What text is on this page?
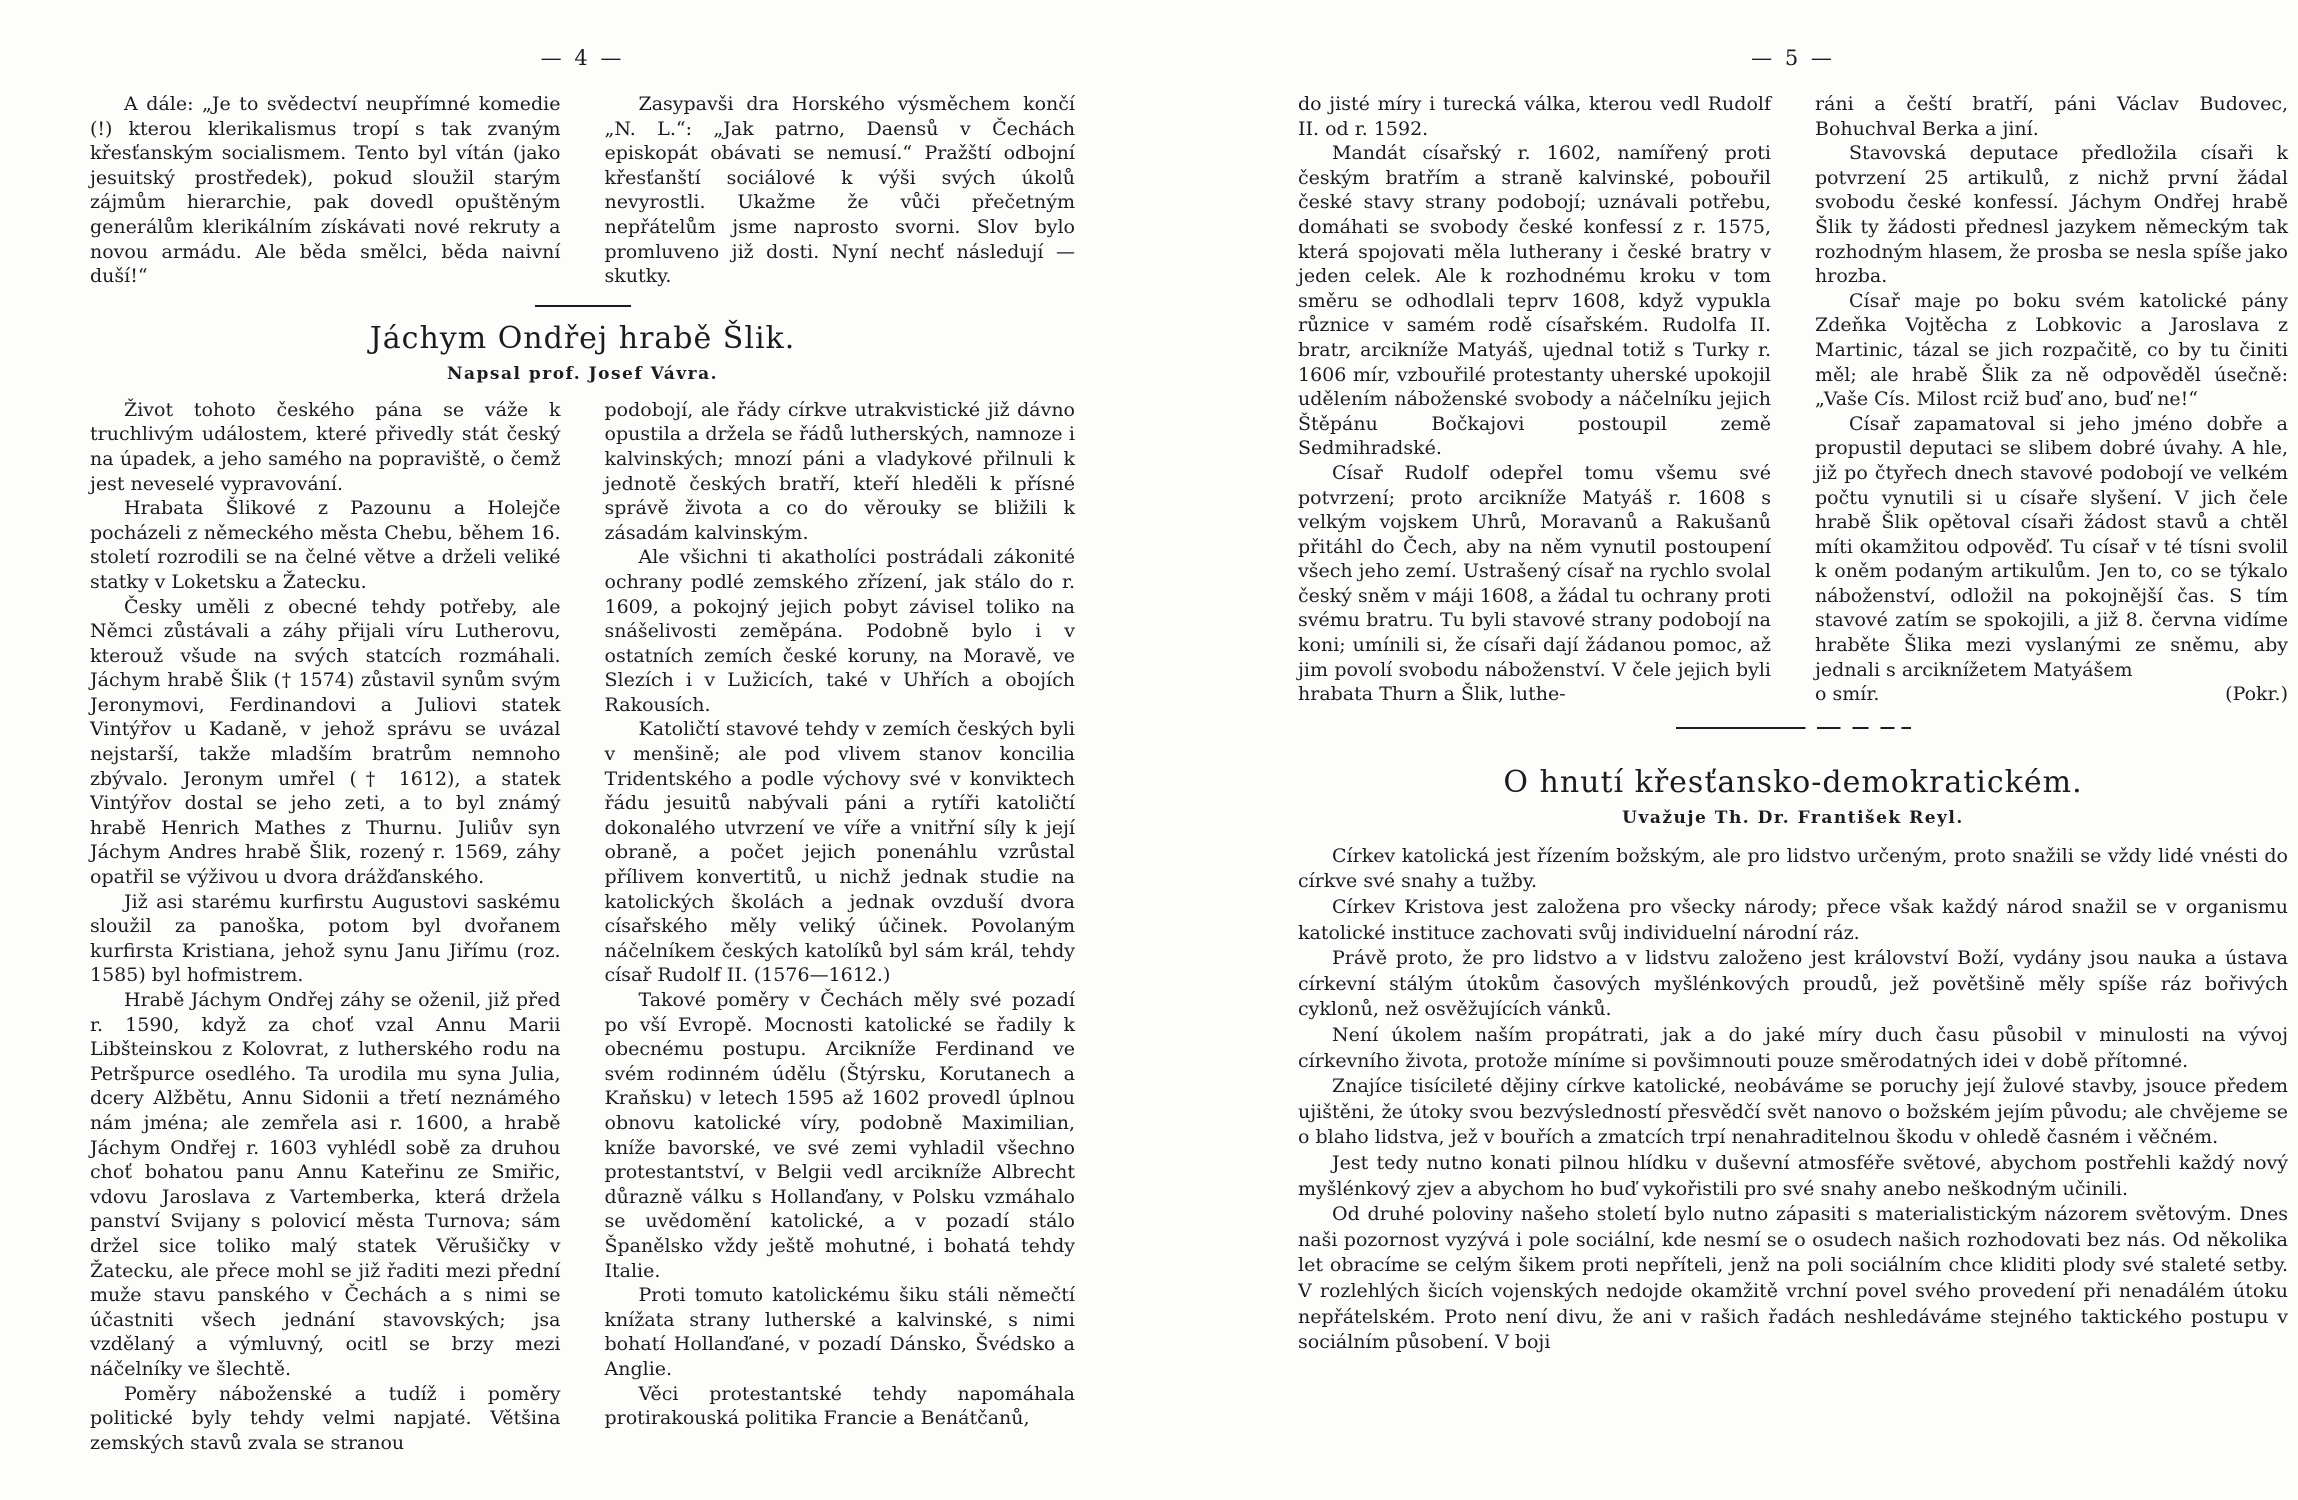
— 4 —

A dále: „Je to svědectví neupřímné komedie (!) kterou klerikalismus tropí s tak zvaným křesťanským socialismem. Tento byl vítán (jako jesuitský prostředek), pokud sloužil starým zájmům hierarchie, pak dovedl opuštěným generálům klerikálním získávati nové rekruty a novou armádu. Ale běda smělci, běda naivní duší!“

Zasypavši dra Horského výsměchem končí „N. L.“: „Jak patrno, Daensů v Čechách episkopát obávati se nemusí.“ Pražští odbojní křesťanští sociálové k výši svých úkolů nevyrostli. Ukažme že vůči přečetným nepřátelům jsme naprosto svorni. Slov bylo promluveno již dosti. Nyní nechť následují — skutky.

Jáchym Ondřej hrabě Šlik.
Napsal prof. Josef Vávra.

Život tohoto českého pána se váže k truchlivým událostem, které přivedly stát český na úpadek, a jeho samého na popraviště, o čemž jest neveselé vypravování.

Hrabata Šlikové z Pazounu a Holejče pocházeli z německého města Chebu, během 16. století rozrodili se na čelné větve a drželi veliké statky v Loketsku a Žatecku.

Česky uměli z obecné tehdy potřeby, ale Němci zůstávali a záhy přijali víru Lutherovu, kterouž všude na svých statcích rozmáhali. Jáchym hrabě Šlik († 1574) zůstavil synům svým Jeronymovi, Ferdinandovi a Juliovi statek Vintýřov u Kadaně, v jehož správu se uvázal nejstarší, takže mladším bratrům nemnoho zbývalo. Jeronym umřel († 1612), a statek Vintýřov dostal se jeho zeti, a to byl známý hrabě Henrich Mathes z Thurnu. Juliův syn Jáchym Andres hrabě Šlik, rozený r. 1569, záhy opatřil se výživou u dvora drážďanského.

Již asi starému kurfirstu Augustovi saskému sloužil za panoška, potom byl dvořanem kurfirsta Kristiana, jehož synu Janu Jiřímu (roz. 1585) byl hofmistrem.

Hrabě Jáchym Ondřej záhy se oženil, již před r. 1590, když za choť vzal Annu Marii Libšteinskou z Kolovrat, z lutherského rodu na Petršpurce osedlého. Ta urodila mu syna Julia, dcery Alžbětu, Annu Sidonii a třetí neznámého nám jména; ale zemřela asi r. 1600, a hrabě Jáchym Ondřej r. 1603 vyhlédl sobě za druhou choť bohatou panu Annu Kateřinu ze Smiřic, vdovu Jaroslava z Vartemberka, která držela panství Svijany s polovicí města Turnova; sám držel sice toliko malý statek Věrušičky v Žatecku, ale přece mohl se již řaditi mezi přední muže stavu panského v Čechách a s nimi se účastniti všech jednání stavovských; jsa vzdělaný a výmluvný, ocitl se brzy mezi náčelníky ve šlechtě.

Poměry náboženské a tudíž i poměry politické byly tehdy velmi napjaté. Většina zemských stavů zvala se stranou

podobojí, ale řády církve utrakvistické již dávno opustila a držela se řádů lutherských, namnoze i kalvinských; mnozí páni a vladykové přilnuli k jednotě českých bratří, kteří hleděli k přísné správě života a co do věrouky se bližili k zásadám kalvinským.

Ale všichni ti akatholíci postrádali zákonité ochrany podlé zemského zřízení, jak stálo do r. 1609, a pokojný jejich pobyt závisel toliko na snášelivosti zeměpána. Podobně bylo i v ostatních zemích české koruny, na Moravě, ve Slezích i v Lužicích, také v Uhřích a obojích Rakousích.

Katoličtí stavové tehdy v zemích českých byli v menšině; ale pod vlivem stanov koncilia Tridentského a podle výchovy své v konviktech řádu jesuitů nabývali páni a rytíři katoličtí dokonalého utvrzení ve víře a vnitřní síly k její obraně, a počet jejich ponenáhlu vzrůstal přílivem konvertitů, u nichž jednak studie na katolických školách a jednak ovzduší dvora císařského měly veliký účinek. Povolaným náčelníkem českých katolíků byl sám král, tehdy císař Rudolf II. (1576—1612.)

Takové poměry v Čechách měly své pozadí po vší Evropě. Mocnosti katolické se řadily k obecnému postupu. Arcikníže Ferdinand ve svém rodinném údělu (Štýrsku, Korutanech a Kraňsku) v letech 1595 až 1602 provedl úplnou obnovu katolické víry, podobně Maximilian, kníže bavorské, ve své zemi vyhladil všechno protestantství, v Belgii vedl arcikníže Albrecht důrazně válku s Hollanďany, v Polsku vzmáhalo se uvědomění katolické, a v pozadí stálo Španělsko vždy ještě mohutné, i bohatá tehdy Italie.

Proti tomuto katolickému šiku stáli němečtí knížata strany lutherské a kalvinské, s nimi bohatí Hollanďané, v pozadí Dánsko, Švédsko a Anglie.

Věci protestantské tehdy napomáhala protirakouská politika Francie a Benátčanů,

— 5 —

do jisté míry i turecká válka, kterou vedl Rudolf II. od r. 1592.

Mandát císařský r. 1602, namířený proti českým bratřím a straně kalvinské, pobouřil české stavy strany podobojí; uznávali potřebu, domáhati se svobody české konfessí z r. 1575, která spojovati měla lutherany i české bratry v jeden celek. Ale k rozhodnému kroku v tom směru se odhodlali teprv 1608, když vypukla různice v samém rodě císařském. Rudolfa II. bratr, arcikníže Matyáš, ujednal totiž s Turky r. 1606 mír, vzbouřilé protestanty uherské upokojil udělením náboženské svobody a náčelníku jejich Štěpánu Bočkajovi postoupil země Sedmihradské.

Císař Rudolf odepřel tomu všemu své potvrzení; proto arcikníže Matyáš r. 1608 s velkým vojskem Uhrů, Moravanů a Rakušanů přitáhl do Čech, aby na něm vynutil postoupení všech jeho zemí. Ustrašený císař na rychlo svolal český sněm v máji 1608, a žádal tu ochrany proti svému bratru. Tu byli stavové strany podobojí na koni; umínili si, že císaři dají žádanou pomoc, až jim povolí svobodu náboženství. V čele jejich byli hrabata Thurn a Šlik, luthe-

ráni a čeští bratří, páni Václav Budovec, Bohuchval Berka a jiní.

Stavovská deputace předložila císaři k potvrzení 25 artikulů, z nichž první žádal svobodu české konfessí. Jáchym Ondřej hrabě Šlik ty žádosti přednesl jazykem německým tak rozhodným hlasem, že prosba se nesla spíše jako hrozba.

Císař maje po boku svém katolické pány Zdeňka Vojtěcha z Lobkovic a Jaroslava z Martinic, tázal se jich rozpačitě, co by tu činiti měl; ale hrabě Šlik za ně odpověděl úsečně: „Vaše Cís. Milost rciž buď ano, buď ne!“

Císař zapamatoval si jeho jméno dobře a propustil deputaci se slibem dobré úvahy. A hle, již po čtyřech dnech stavové podobojí ve velkém počtu vynutili si u císaře slyšení. V jich čele hrabě Šlik opětoval císaři žádost stavů a chtěl míti okamžitou odpověď. Tu císař v té tísni svolil k oněm podaným artikulům. Jen to, co se týkalo náboženství, odložil na pokojnější čas. S tím stavové zatím se spokojili, a již 8. června vidíme hraběte Šlika mezi vyslanými ze sněmu, aby jednali s arciknížetem Matyášem

o smír.	(Pokr.)
O hnutí křesťansko-demokratickém.
Uvažuje Th. Dr. František Reyl.

Církev katolická jest řízením božským, ale pro lidstvo určeným, proto snažili se vždy lidé vnésti do církve své snahy a tužby.

Církev Kristova jest založena pro všecky národy; přece však každý národ snažil se v organismu katolické instituce zachovati svůj individuelní národní ráz.

Právě proto, že pro lidstvo a v lidstvu založeno jest království Boží, vydány jsou nauka a ústava církevní stálým útokům časových myšlénkových proudů, jež povětšině měly spíše ráz bořivých cyklonů, než osvěžujících vánků.

Není úkolem naším propátrati, jak a do jaké míry duch času působil v minulosti na vývoj církevního života, protože míníme si povšimnouti pouze směrodatných idei v době přítomné.

Znajíce tisícileté dějiny církve katolické, neobáváme se poruchy její žulové stavby, jsouce předem ujištěni, že útoky svou bezvýsledností přesvědčí svět nanovo o božském jejím původu; ale chvějeme se o blaho lidstva, jež v bouřích a zmatcích trpí nenahraditelnou škodu v ohledě časném i věčném.

Jest tedy nutno konati pilnou hlídku v duševní atmosféře světové, abychom postřehli každý nový myšlénkový zjev a abychom ho buď vykořistili pro své snahy anebo neškodným učinili.

Od druhé poloviny našeho století bylo nutno zápasiti s materialistickým názorem světovým. Dnes naši pozornost vyzývá i pole sociální, kde nesmí se o osudech našich rozhodovati bez nás. Od několika let obracíme se celým šikem proti nepříteli, jenž na poli sociálním chce kliditi plody své staleté setby. V rozlehlých šicích vojenských nedojde okamžitě vrchní povel svého provedení při nenadálém útoku nepřátelském. Proto není divu, že ani v rašich řadách neshledáváme stejného taktického postupu v sociálním působení. V boji
